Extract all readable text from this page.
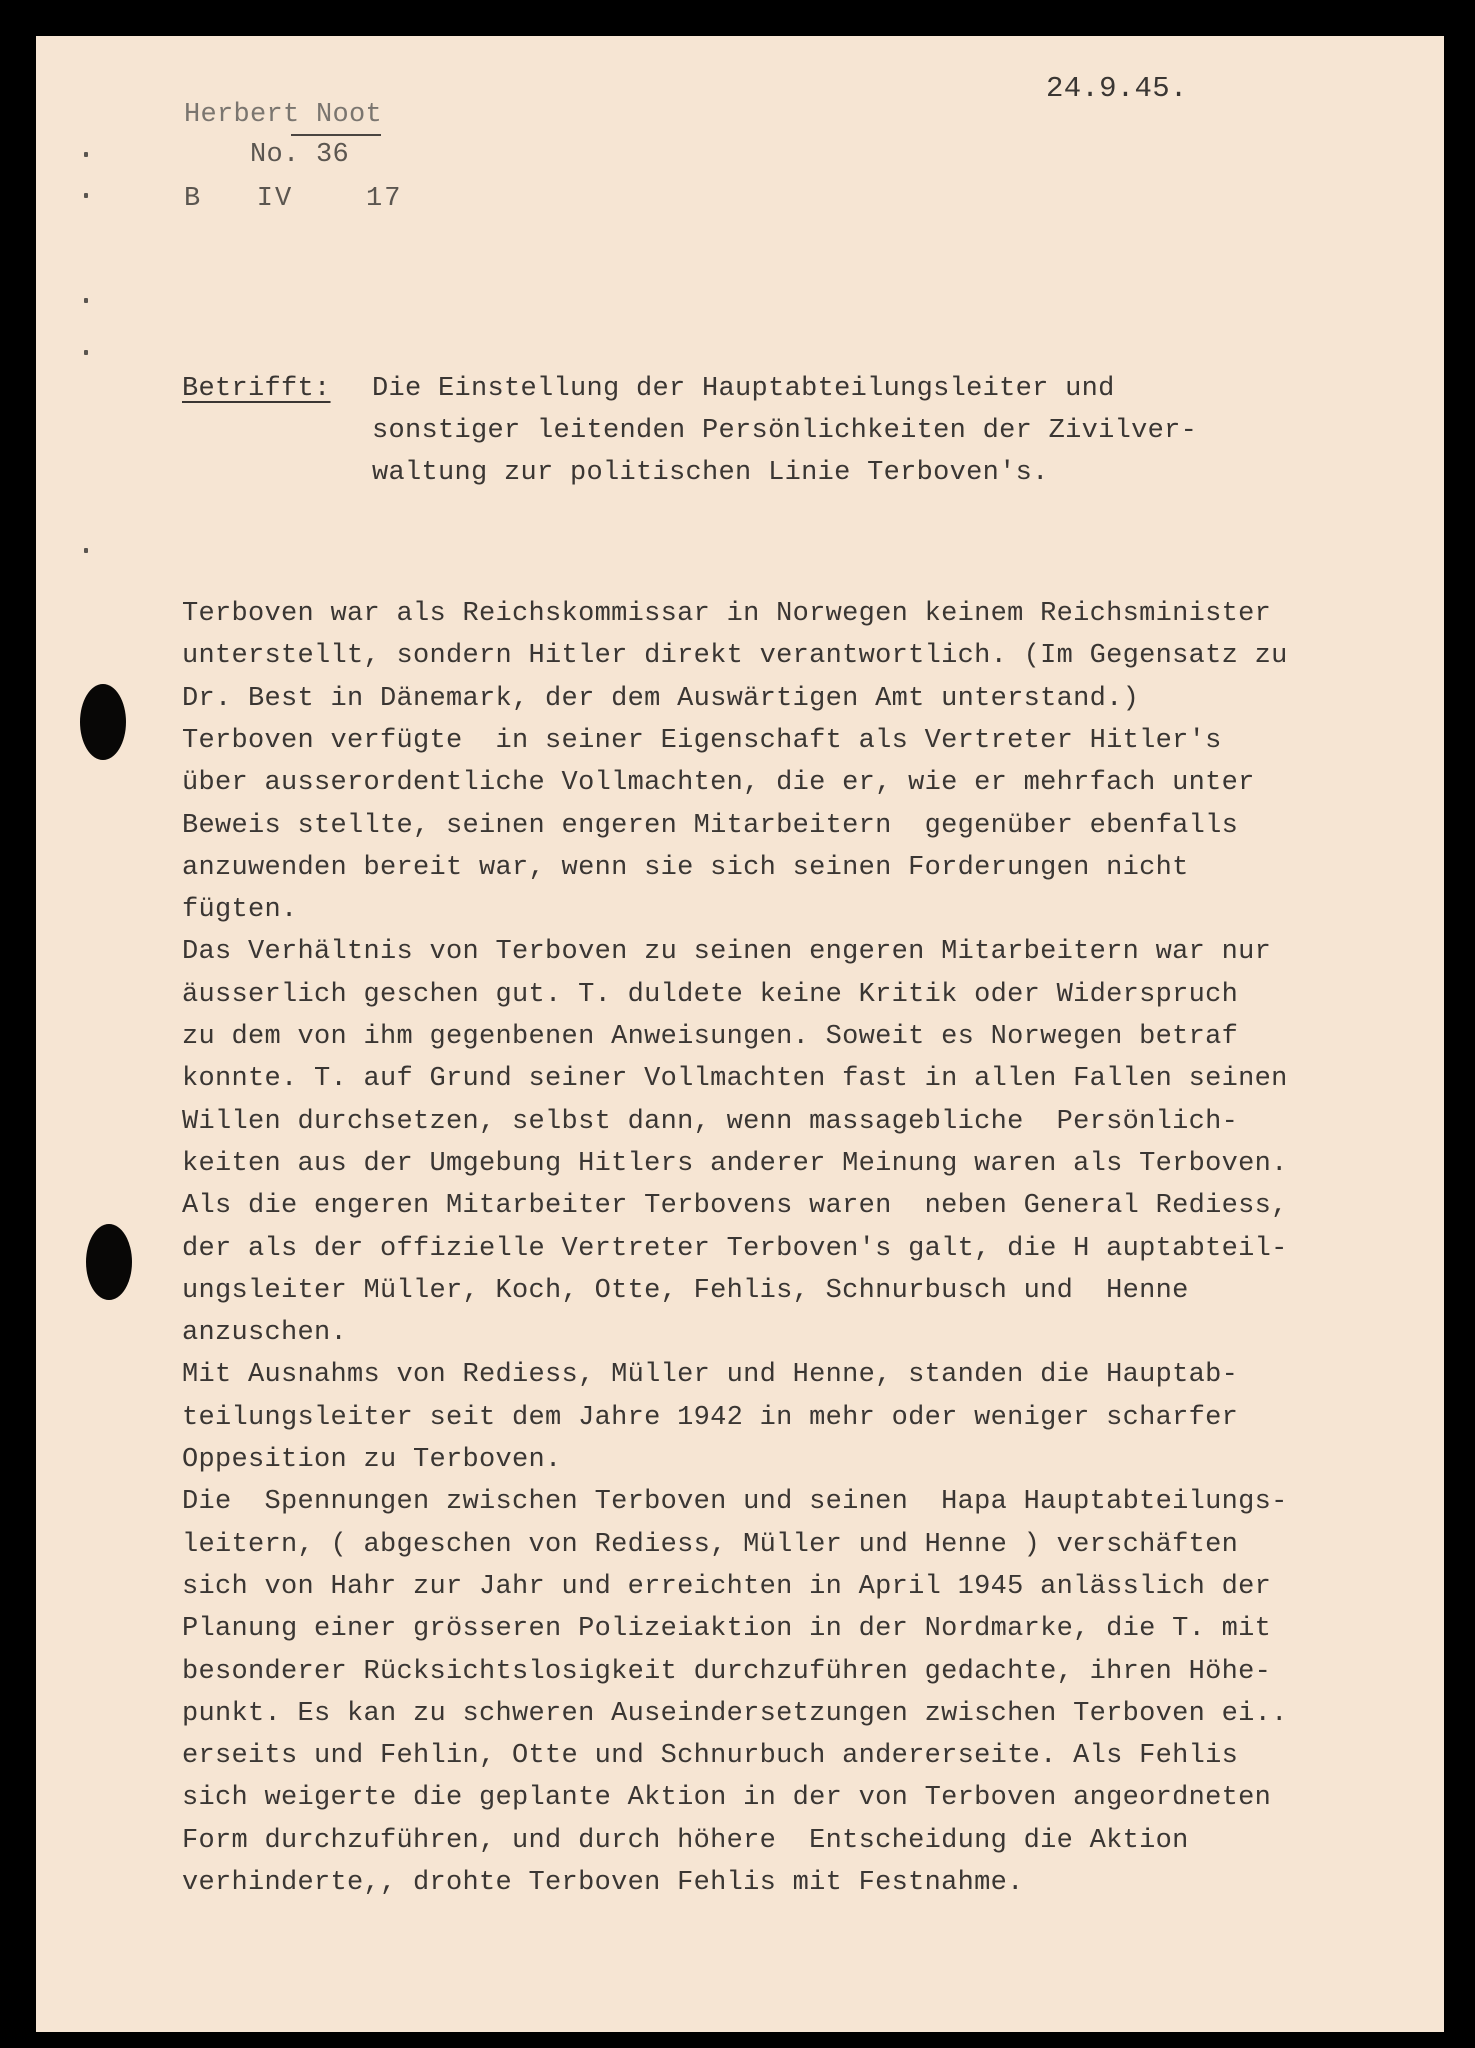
24.9.45.
Herbert Noot
No. 36
B   IV    17
Betrifft: Die Einstellung der Hauptabteilungsleiter und
sonstiger leitenden Persönlichkeiten der Zivilver-
waltung zur politischen Linie Terboven's.
Terboven war als Reichskommissar in Norwegen keinem Reichsminister
unterstellt, sondern Hitler direkt verantwortlich. (Im Gegensatz zu
Dr. Best in Dänemark, der dem Auswärtigen Amt unterstand.)
Terboven verfügte  in seiner Eigenschaft als Vertreter Hitler's
über ausserordentliche Vollmachten, die er, wie er mehrfach unter
Beweis stellte, seinen engeren Mitarbeitern  gegenüber ebenfalls
anzuwenden bereit war, wenn sie sich seinen Forderungen nicht
fügten.
Das Verhältnis von Terboven zu seinen engeren Mitarbeitern war nur
äusserlich geschen gut. T. duldete keine Kritik oder Widerspruch
zu dem von ihm gegenbenen Anweisungen. Soweit es Norwegen betraf
konnte. T. auf Grund seiner Vollmachten fast in allen Fallen seinen
Willen durchsetzen, selbst dann, wenn massagebliche  Persönlich-
keiten aus der Umgebung Hitlers anderer Meinung waren als Terboven.
Als die engeren Mitarbeiter Terbovens waren  neben General Rediess,
der als der offizielle Vertreter Terboven's galt, die H auptabteil-
ungsleiter Müller, Koch, Otte, Fehlis, Schnurbusch und  Henne
anzuschen.
Mit Ausnahms von Rediess, Müller und Henne, standen die Hauptab-
teilungsleiter seit dem Jahre 1942 in mehr oder weniger scharfer
Oppesition zu Terboven.
Die  Spennungen zwischen Terboven und seinen  Hapa Hauptabteilungs-
leitern, ( abgeschen von Rediess, Müller und Henne ) verschäften
sich von Hahr zur Jahr und erreichten in April 1945 anlässlich der
Planung einer grösseren Polizeiaktion in der Nordmarke, die T. mit
besonderer Rücksichtslosigkeit durchzuführen gedachte, ihren Höhe-
punkt. Es kan zu schweren Auseindersetzungen zwischen Terboven ei..
erseits und Fehlin, Otte und Schnurbuch andererseite. Als Fehlis
sich weigerte die geplante Aktion in der von Terboven angeordneten
Form durchzuführen, und durch höhere  Entscheidung die Aktion
verhinderte,, drohte Terboven Fehlis mit Festnahme.
